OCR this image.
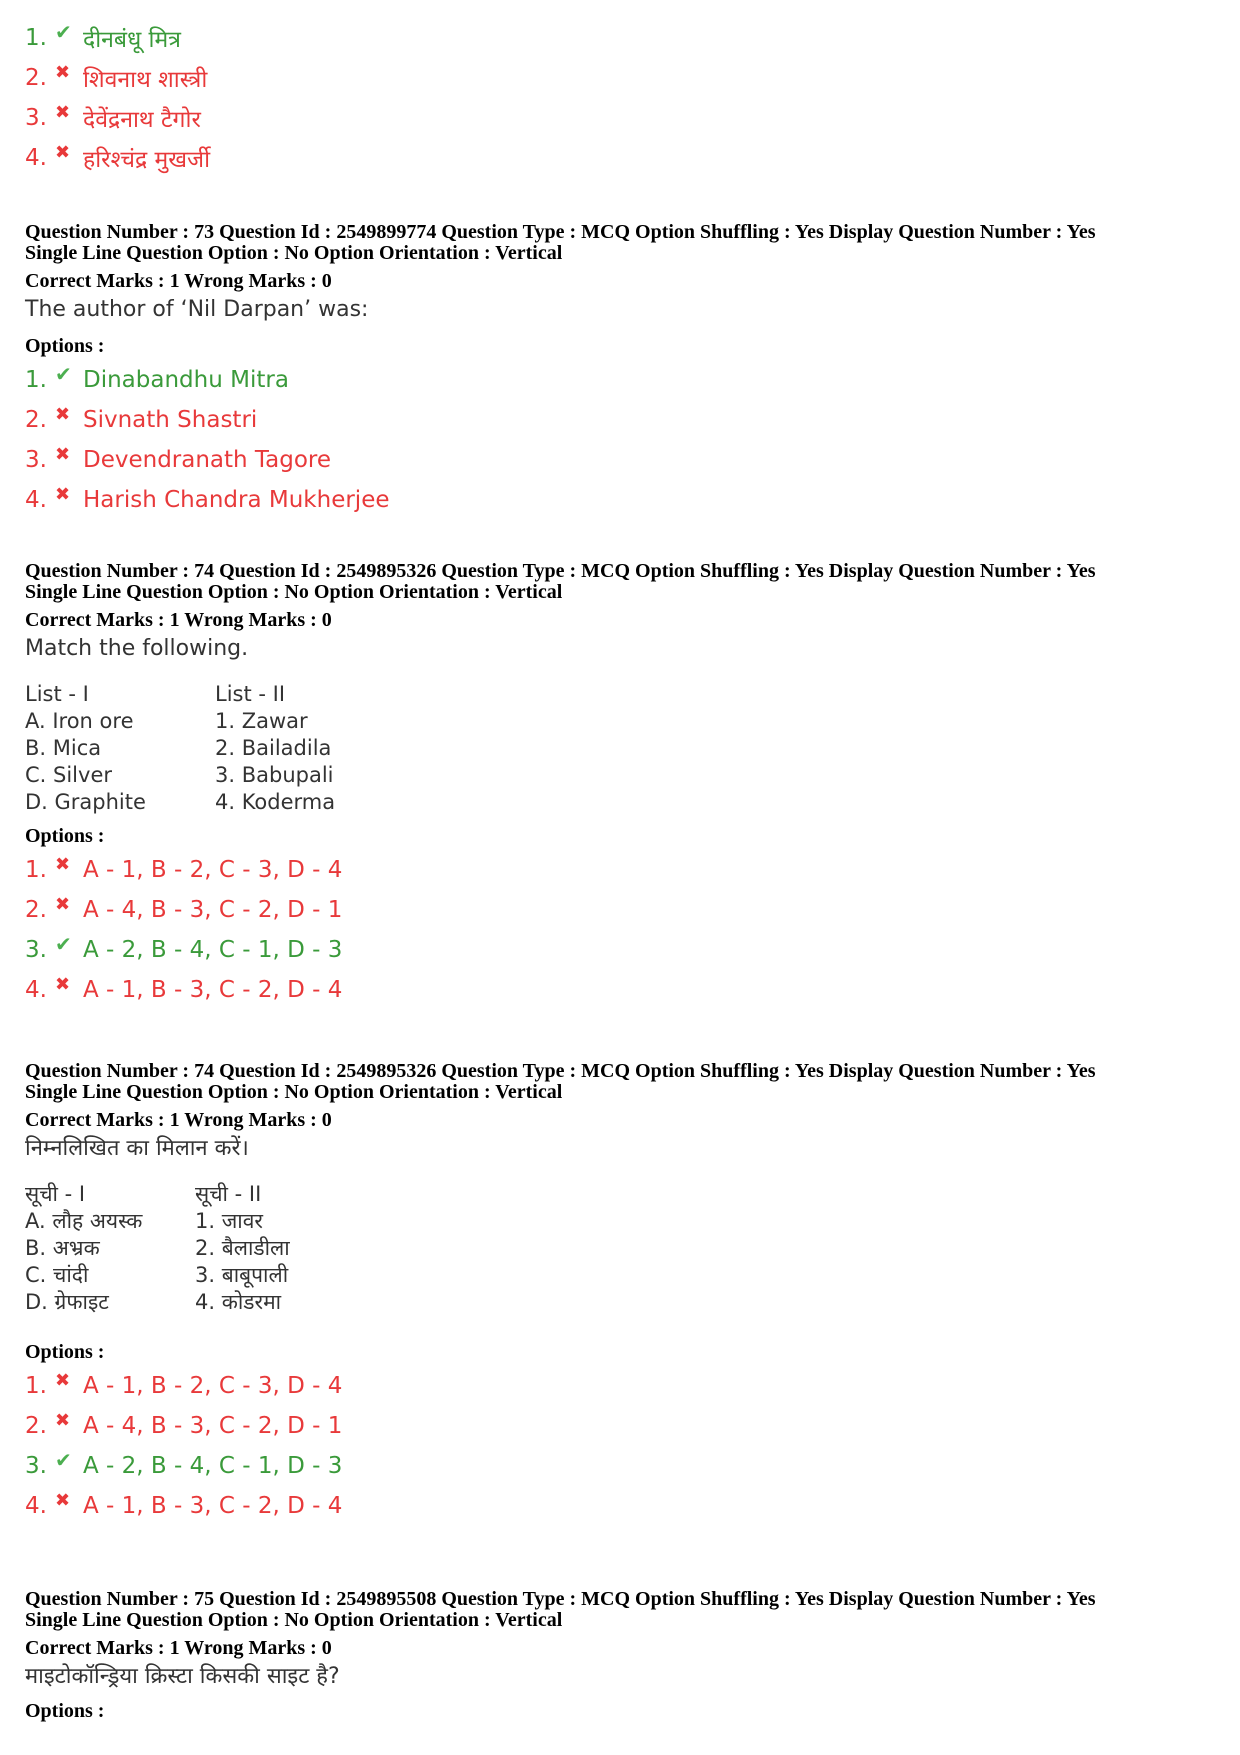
1. ✔ दीनबंधू मित्र
2. ✖ शिवनाथ शास्त्री
3. ✖ देवेंद्रनाथ टैगोर
4. ✖ हरिश्चंद्र मुखर्जी
Question Number : 73 Question Id : 2549899774 Question Type : MCQ Option Shuffling : Yes Display Question Number : Yes
Single Line Question Option : No Option Orientation : Vertical
Correct Marks : 1 Wrong Marks : 0
The author of ‘Nil Darpan’ was:
Options :
1. ✔ Dinabandhu Mitra
2. ✖ Sivnath Shastri
3. ✖ Devendranath Tagore
4. ✖ Harish Chandra Mukherjee
Question Number : 74 Question Id : 2549895326 Question Type : MCQ Option Shuffling : Yes Display Question Number : Yes
Single Line Question Option : No Option Orientation : Vertical
Correct Marks : 1 Wrong Marks : 0
Match the following.
List - I	List - II
A. Iron ore	1. Zawar
B. Mica	2. Bailadila
C. Silver	3. Babupali
D. Graphite	4. Koderma
Options :
1. ✖ A - 1, B - 2, C - 3, D - 4
2. ✖ A - 4, B - 3, C - 2, D - 1
3. ✔ A - 2, B - 4, C - 1, D - 3
4. ✖ A - 1, B - 3, C - 2, D - 4
Question Number : 74 Question Id : 2549895326 Question Type : MCQ Option Shuffling : Yes Display Question Number : Yes
Single Line Question Option : No Option Orientation : Vertical
Correct Marks : 1 Wrong Marks : 0
निम्नलिखित का मिलान करें।
सूची - I	सूची - II
A. लौह अयस्क	1. जावर
B. अभ्रक	2. बैलाडीला
C. चांदी	3. बाबूपाली
D. ग्रेफाइट	4. कोडरमा
Options :
1. ✖ A - 1, B - 2, C - 3, D - 4
2. ✖ A - 4, B - 3, C - 2, D - 1
3. ✔ A - 2, B - 4, C - 1, D - 3
4. ✖ A - 1, B - 3, C - 2, D - 4
Question Number : 75 Question Id : 2549895508 Question Type : MCQ Option Shuffling : Yes Display Question Number : Yes
Single Line Question Option : No Option Orientation : Vertical
Correct Marks : 1 Wrong Marks : 0
माइटोकॉन्ड्रिया क्रिस्टा किसकी साइट है?
Options :
